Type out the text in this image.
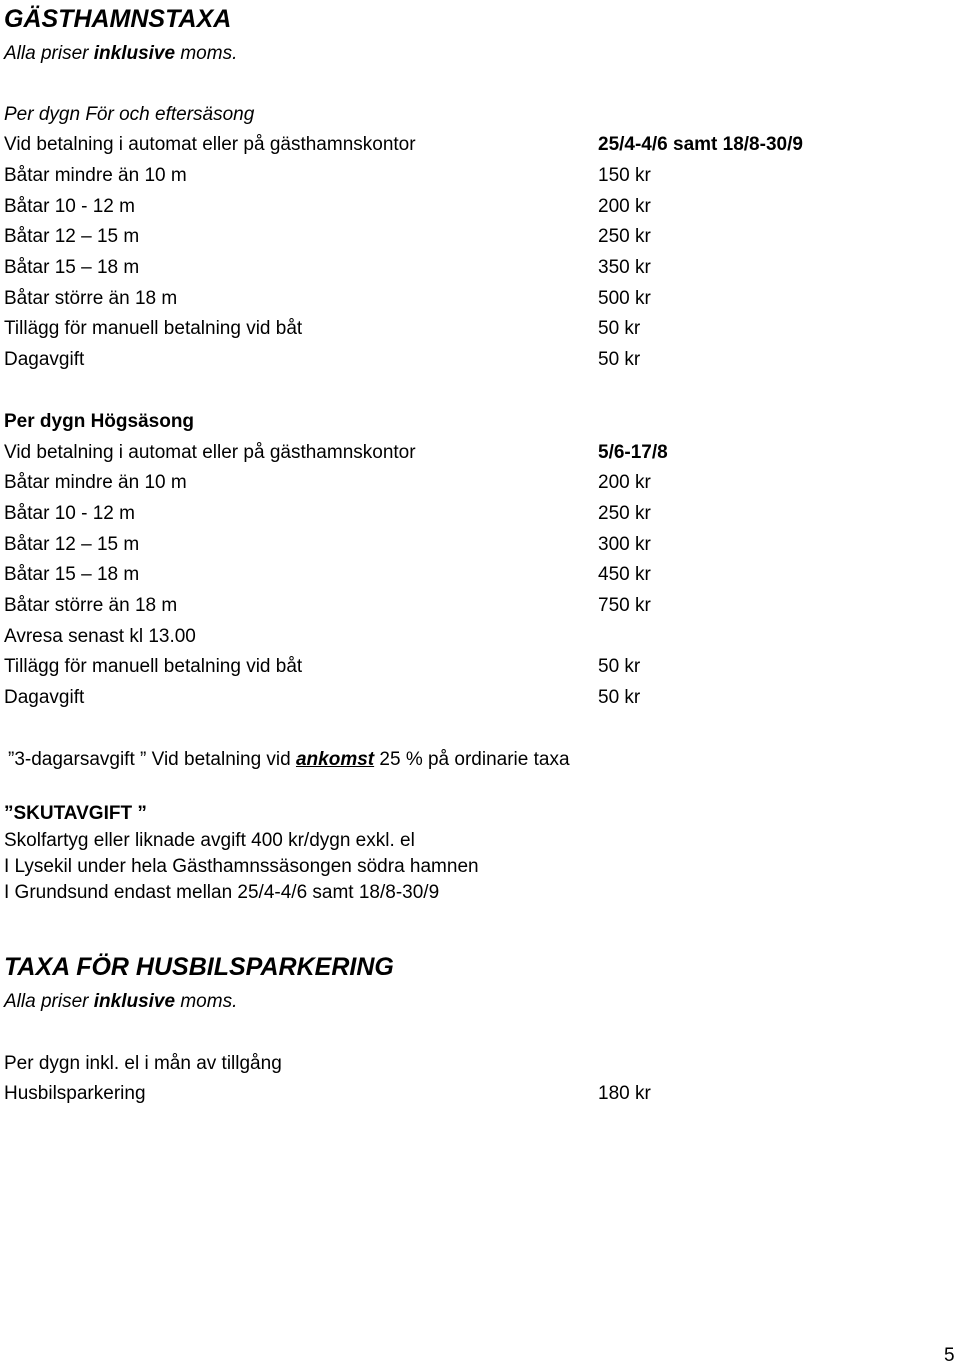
GÄSTHAMNSTAXA
Alla priser inklusive moms.
Per dygn För och eftersäsong
Vid betalning i automat eller på gästhamnskontor	25/4-4/6 samt 18/8-30/9
Båtar mindre än 10 m	150 kr
Båtar 10 - 12 m	200 kr
Båtar 12 – 15 m	250 kr
Båtar 15 – 18 m	350 kr
Båtar större än 18 m	500 kr
Tillägg för manuell betalning vid båt	50 kr
Dagavgift	50 kr
Per dygn Högsäsong
Vid betalning i automat eller på gästhamnskontor	5/6-17/8
Båtar mindre än 10 m	200 kr
Båtar 10 - 12 m	250 kr
Båtar 12 – 15 m	300 kr
Båtar 15 – 18 m	450 kr
Båtar större än 18 m	750 kr
Avresa senast kl 13.00
Tillägg för manuell betalning vid båt	50 kr
Dagavgift	50 kr
”3-dagarsavgift ” Vid betalning vid ankomst 25 % på ordinarie taxa
”SKUTAVGIFT ”
Skolfartyg eller liknade avgift 400 kr/dygn exkl. el
I Lysekil under hela Gästhamnssäsongen södra hamnen
I Grundsund endast mellan 25/4-4/6 samt 18/8-30/9
TAXA FÖR HUSBILSPARKERING
Alla priser inklusive moms.
Per dygn inkl. el i mån av tillgång
Husbilsparkering	180 kr
5
